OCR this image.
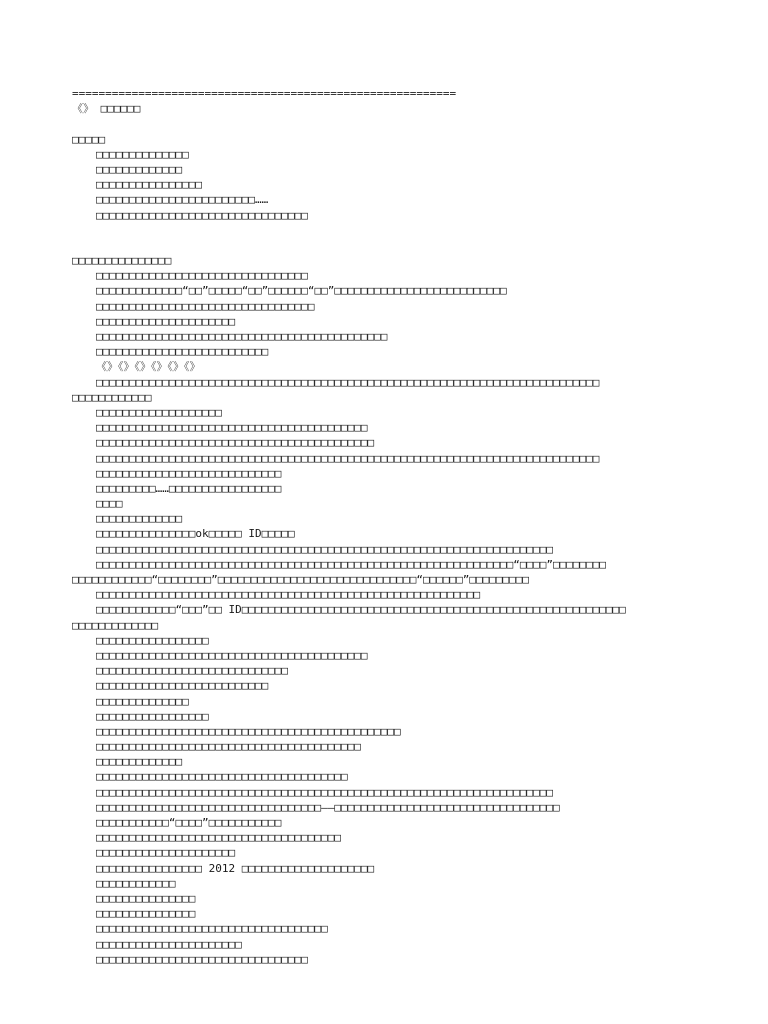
==========================================================
《》 □□□□□□
□□□□□
□□□□□□□□□□□□□□
□□□□□□□□□□□□□
□□□□□□□□□□□□□□□□
□□□□□□□□□□□□□□□□□□□□□□□□……
□□□□□□□□□□□□□□□□□□□□□□□□□□□□□□□□
□□□□□□□□□□□□□□□
□□□□□□□□□□□□□□□□□□□□□□□□□□□□□□□□
□□□□□□□□□□□□□“□□”□□□□□“□□”□□□□□□“□□”□□□□□□□□□□□□□□□□□□□□□□□□□□
□□□□□□□□□□□□□□□□□□□□□□□□□□□□□□□□□
□□□□□□□□□□□□□□□□□□□□□
□□□□□□□□□□□□□□□□□□□□□□□□□□□□□□□□□□□□□□□□□□□□
□□□□□□□□□□□□□□□□□□□□□□□□□□
《》《》《》《》《》《》
□□□□□□□□□□□□□□□□□□□□□□□□□□□□□□□□□□□□□□□□□□□□□□□□□□□□□□□□□□□□□□□□□□□□□□□□□□□□
□□□□□□□□□□□□
□□□□□□□□□□□□□□□□□□□
□□□□□□□□□□□□□□□□□□□□□□□□□□□□□□□□□□□□□□□□□
□□□□□□□□□□□□□□□□□□□□□□□□□□□□□□□□□□□□□□□□□□
□□□□□□□□□□□□□□□□□□□□□□□□□□□□□□□□□□□□□□□□□□□□□□□□□□□□□□□□□□□□□□□□□□□□□□□□□□□□
□□□□□□□□□□□□□□□□□□□□□□□□□□□□
□□□□□□□□□……□□□□□□□□□□□□□□□□□
□□□□
□□□□□□□□□□□□□
□□□□□□□□□□□□□□□ok□□□□□ ID□□□□□
□□□□□□□□□□□□□□□□□□□□□□□□□□□□□□□□□□□□□□□□□□□□□□□□□□□□□□□□□□□□□□□□□□□□□
□□□□□□□□□□□□□□□□□□□□□□□□□□□□□□□□□□□□□□□□□□□□□□□□□□□□□□□□□□□□□□□“□□□□”□□□□□□□□
□□□□□□□□□□□□“□□□□□□□□”□□□□□□□□□□□□□□□□□□□□□□□□□□□□□□“□□□□□□”□□□□□□□□□
□□□□□□□□□□□□□□□□□□□□□□□□□□□□□□□□□□□□□□□□□□□□□□□□□□□□□□□□□□
□□□□□□□□□□□□“□□□”□□ ID□□□□□□□□□□□□□□□□□□□□□□□□□□□□□□□□□□□□□□□□□□□□□□□□□□□□□□□□□□
□□□□□□□□□□□□□
□□□□□□□□□□□□□□□□□
□□□□□□□□□□□□□□□□□□□□□□□□□□□□□□□□□□□□□□□□□
□□□□□□□□□□□□□□□□□□□□□□□□□□□□□
□□□□□□□□□□□□□□□□□□□□□□□□□□
□□□□□□□□□□□□□□
□□□□□□□□□□□□□□□□□
□□□□□□□□□□□□□□□□□□□□□□□□□□□□□□□□□□□□□□□□□□□□□□
□□□□□□□□□□□□□□□□□□□□□□□□□□□□□□□□□□□□□□□□
□□□□□□□□□□□□□
□□□□□□□□□□□□□□□□□□□□□□□□□□□□□□□□□□□□□□
□□□□□□□□□□□□□□□□□□□□□□□□□□□□□□□□□□□□□□□□□□□□□□□□□□□□□□□□□□□□□□□□□□□□□
□□□□□□□□□□□□□□□□□□□□□□□□□□□□□□□□□□——□□□□□□□□□□□□□□□□□□□□□□□□□□□□□□□□□□
□□□□□□□□□□□“□□□□”□□□□□□□□□□□
□□□□□□□□□□□□□□□□□□□□□□□□□□□□□□□□□□□□□
□□□□□□□□□□□□□□□□□□□□□
□□□□□□□□□□□□□□□□ 2012 □□□□□□□□□□□□□□□□□□□□
□□□□□□□□□□□□
□□□□□□□□□□□□□□□
□□□□□□□□□□□□□□□
□□□□□□□□□□□□□□□□□□□□□□□□□□□□□□□□□□□
□□□□□□□□□□□□□□□□□□□□□□
□□□□□□□□□□□□□□□□□□□□□□□□□□□□□□□□
